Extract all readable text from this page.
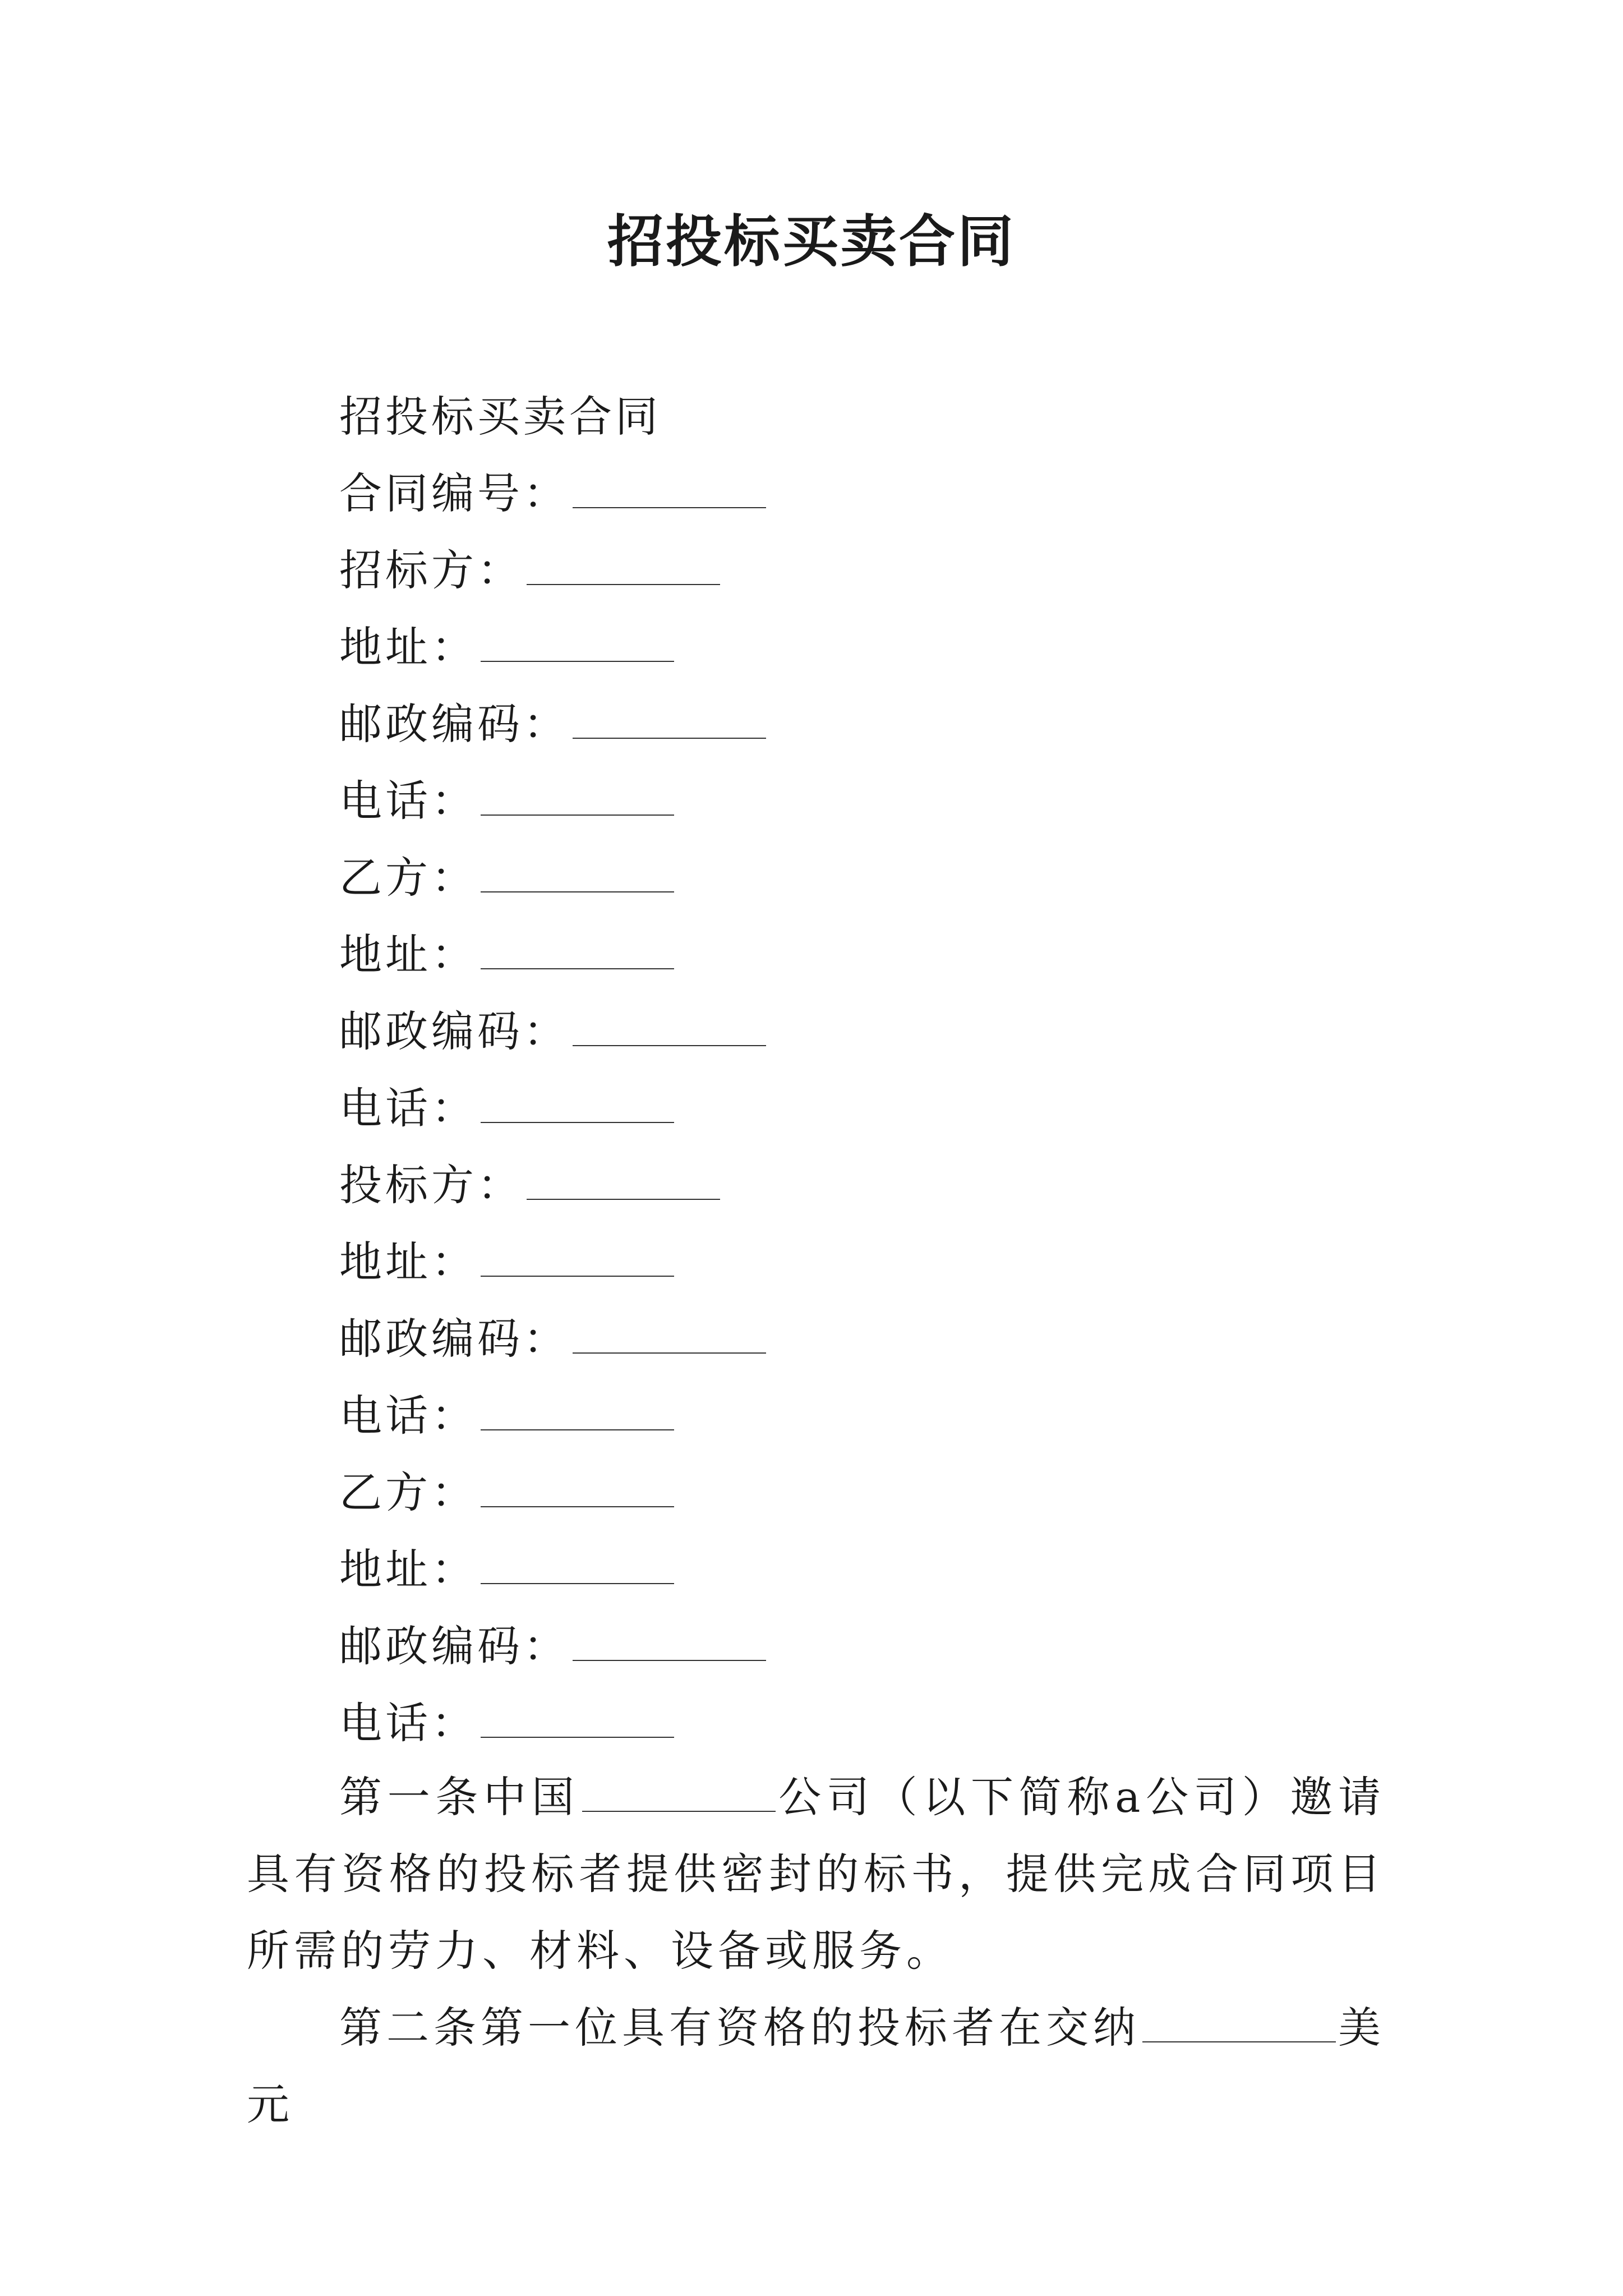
招投标买卖合同
招投标买卖合同
合同编号：
招标方：
地址：
邮政编码：
电话：
乙方：
地址：
邮政编码：
电话：
投标方：
地址：
邮政编码：
电话：
乙方：
地址：
邮政编码：
电话：

第一条中国	公司（以下简称a公司）邀请具有资格的投标者提供密封的标书，提供完成合同项目所需的劳力、材料、设备或服务。

第二条第一位具有资格的投标者在交纳	美元
